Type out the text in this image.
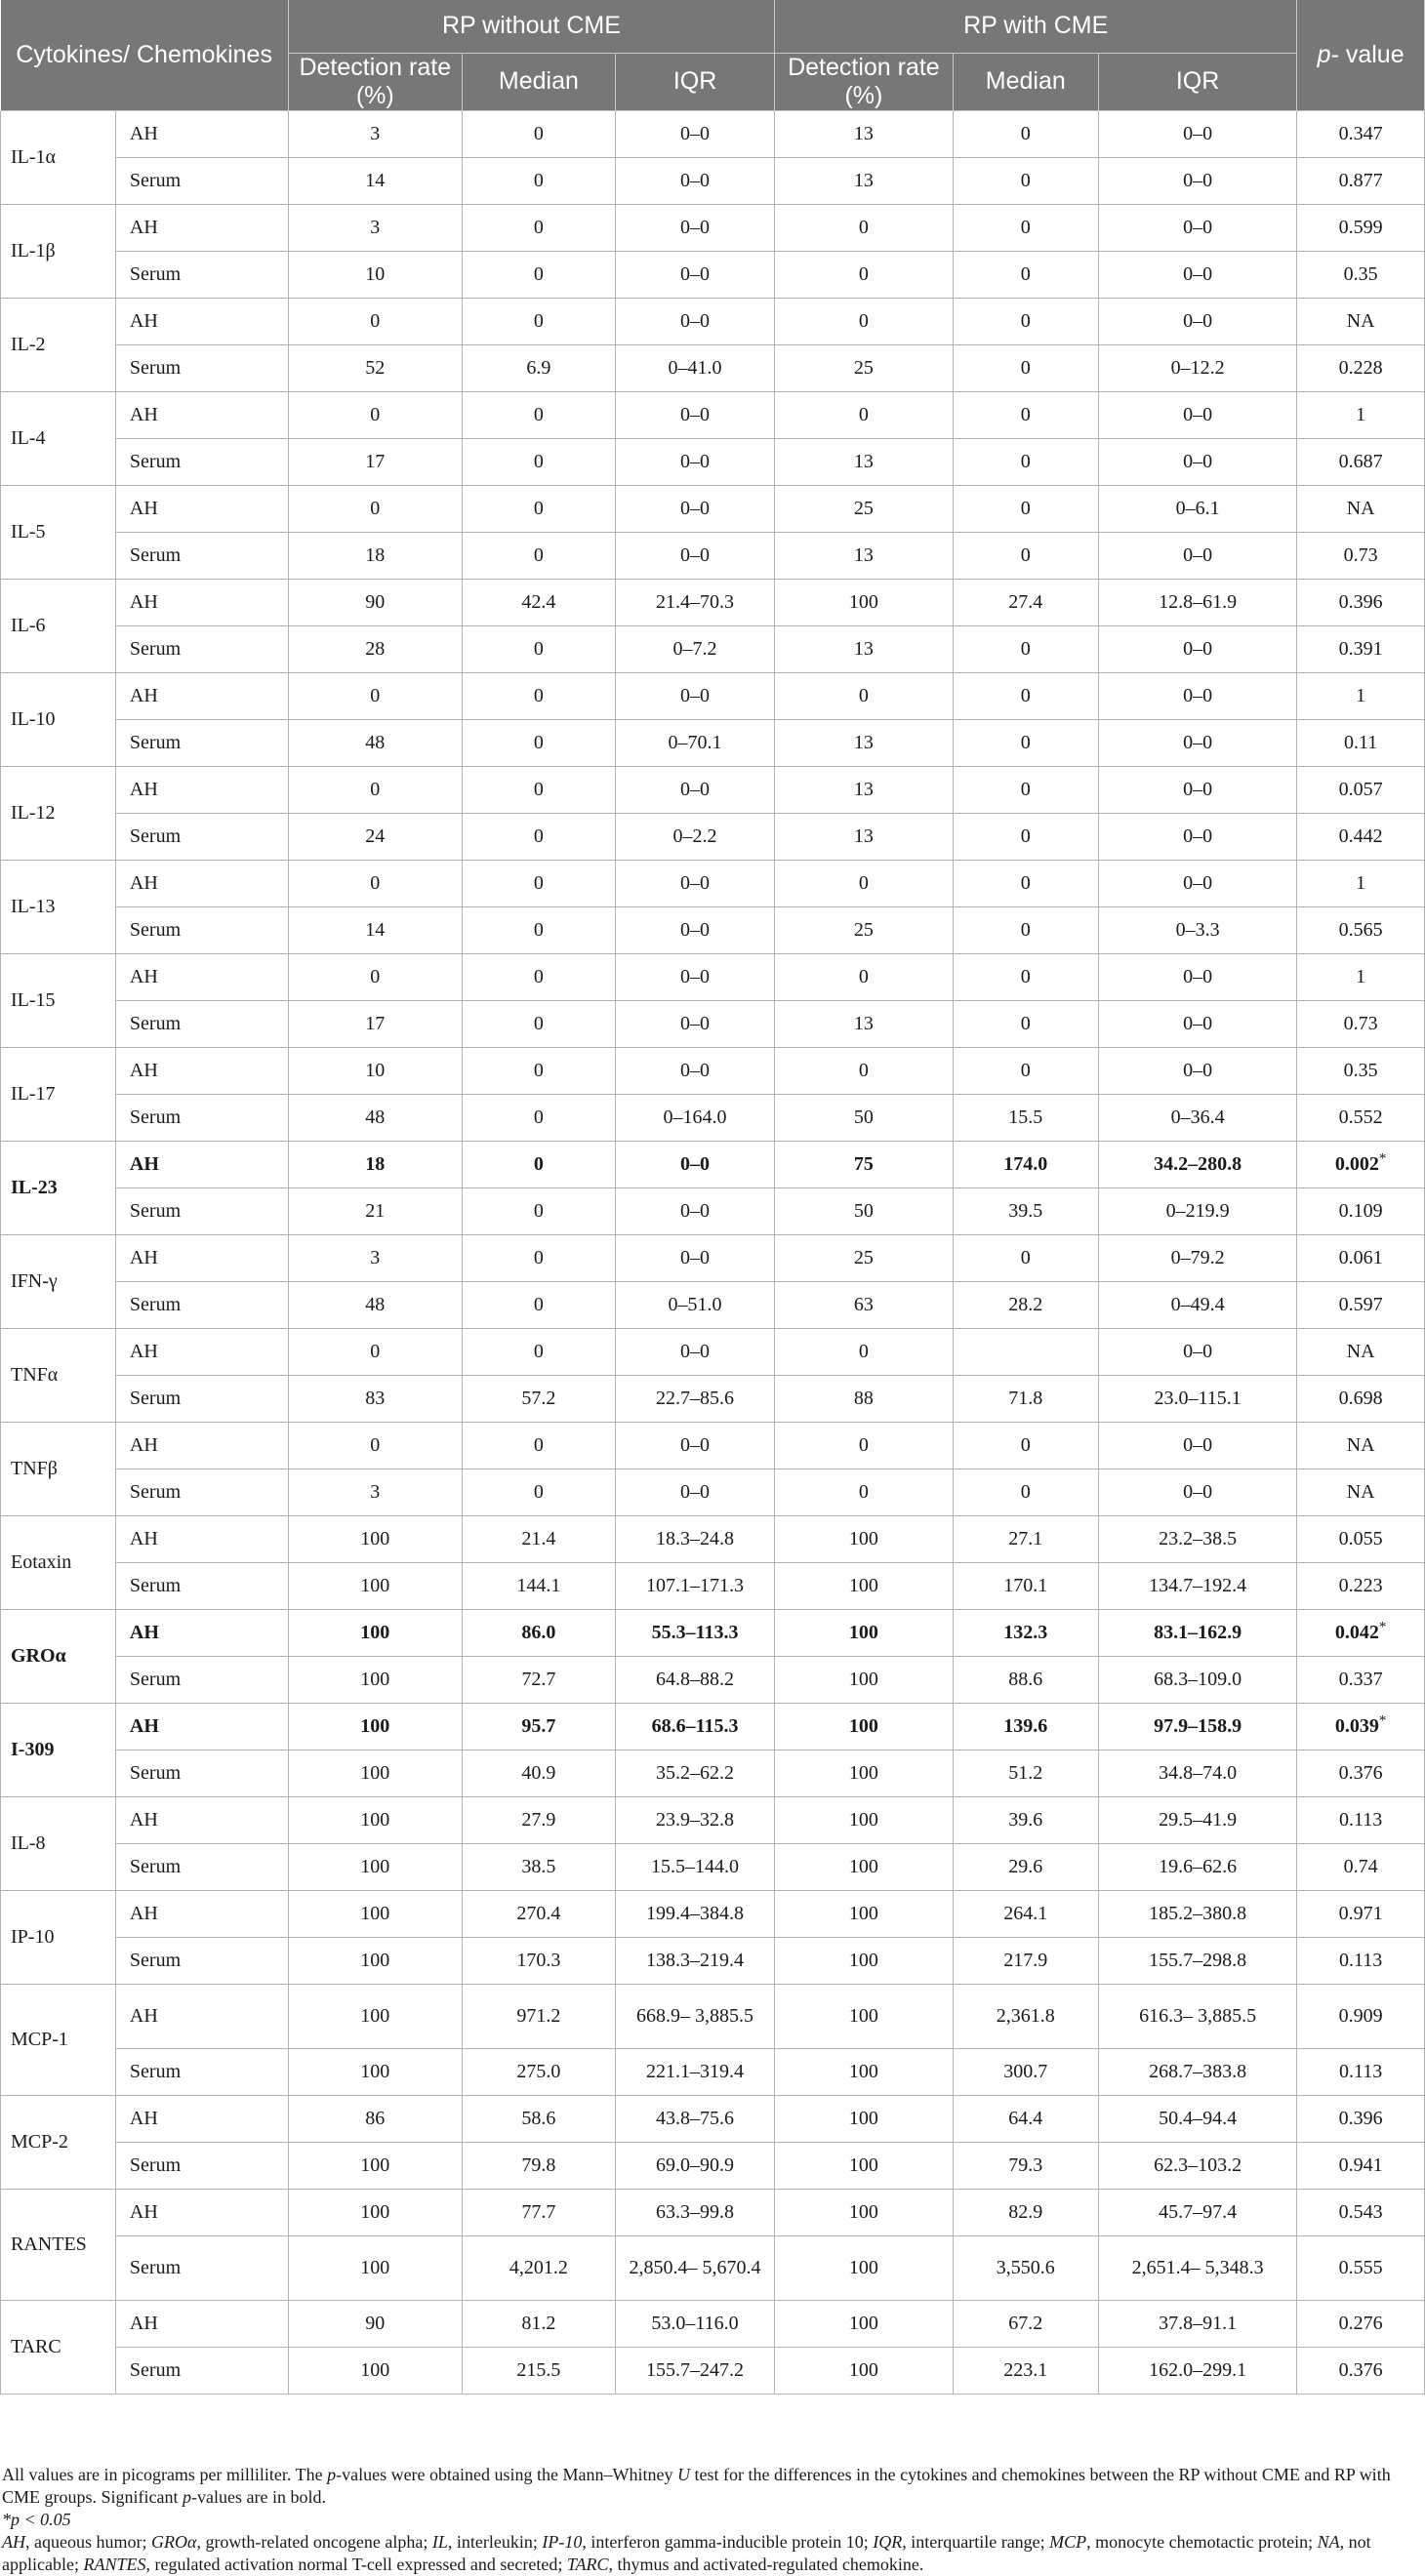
Cytokines/ Chemokines		RP without CME			RP with CME			p- value
		Detection rate (%)	Median	IQR	Detection rate (%)	Median	IQR	
IL-1α	AH	3	0	0–0	13	0	0–0	0.347
	Serum	14	0	0–0	13	0	0–0	0.877
IL-1β	AH	3	0	0–0	0	0	0–0	0.599
	Serum	10	0	0–0	0	0	0–0	0.35
IL-2	AH	0	0	0–0	0	0	0–0	NA
	Serum	52	6.9	0–41.0	25	0	0–12.2	0.228
IL-4	AH	0	0	0–0	0	0	0–0	1
	Serum	17	0	0–0	13	0	0–0	0.687
IL-5	AH	0	0	0–0	25	0	0–6.1	NA
	Serum	18	0	0–0	13	0	0–0	0.73
IL-6	AH	90	42.4	21.4–70.3	100	27.4	12.8–61.9	0.396
	Serum	28	0	0–7.2	13	0	0–0	0.391
IL-10	AH	0	0	0–0	0	0	0–0	1
	Serum	48	0	0–70.1	13	0	0–0	0.11
IL-12	AH	0	0	0–0	13	0	0–0	0.057
	Serum	24	0	0–2.2	13	0	0–0	0.442
IL-13	AH	0	0	0–0	0	0	0–0	1
	Serum	14	0	0–0	25	0	0–3.3	0.565
IL-15	AH	0	0	0–0	0	0	0–0	1
	Serum	17	0	0–0	13	0	0–0	0.73
IL-17	AH	10	0	0–0	0	0	0–0	0.35
	Serum	48	0	0–164.0	50	15.5	0–36.4	0.552
IL-23	AH	18	0	0–0	75	174.0	34.2–280.8	0.002*
	Serum	21	0	0–0	50	39.5	0–219.9	0.109
IFN-γ	AH	3	0	0–0	25	0	0–79.2	0.061
	Serum	48	0	0–51.0	63	28.2	0–49.4	0.597
TNFα	AH	0	0	0–0	0		0–0	NA
	Serum	83	57.2	22.7–85.6	88	71.8	23.0–115.1	0.698
TNFβ	AH	0	0	0–0	0	0	0–0	NA
	Serum	3	0	0–0	0	0	0–0	NA
Eotaxin	AH	100	21.4	18.3–24.8	100	27.1	23.2–38.5	0.055
	Serum	100	144.1	107.1–171.3	100	170.1	134.7–192.4	0.223
GROα	AH	100	86.0	55.3–113.3	100	132.3	83.1–162.9	0.042*
	Serum	100	72.7	64.8–88.2	100	88.6	68.3–109.0	0.337
I-309	AH	100	95.7	68.6–115.3	100	139.6	97.9–158.9	0.039*
	Serum	100	40.9	35.2–62.2	100	51.2	34.8–74.0	0.376
IL-8	AH	100	27.9	23.9–32.8	100	39.6	29.5–41.9	0.113
	Serum	100	38.5	15.5–144.0	100	29.6	19.6–62.6	0.74
IP-10	AH	100	270.4	199.4–384.8	100	264.1	185.2–380.8	0.971
	Serum	100	170.3	138.3–219.4	100	217.9	155.7–298.8	0.113
MCP-1	AH	100	971.2	668.9– 3,885.5	100	2,361.8	616.3– 3,885.5	0.909
	Serum	100	275.0	221.1–319.4	100	300.7	268.7–383.8	0.113
MCP-2	AH	86	58.6	43.8–75.6	100	64.4	50.4–94.4	0.396
	Serum	100	79.8	69.0–90.9	100	79.3	62.3–103.2	0.941
RANTES	AH	100	77.7	63.3–99.8	100	82.9	45.7–97.4	0.543
	Serum	100	4,201.2	2,850.4– 5,670.4	100	3,550.6	2,651.4– 5,348.3	0.555
TARC	AH	90	81.2	53.0–116.0	100	67.2	37.8–91.1	0.276
	Serum	100	215.5	155.7–247.2	100	223.1	162.0–299.1	0.376

All values are in picograms per milliliter. The p-values were obtained using the Mann–Whitney U test for the differences in the cytokines and chemokines between the RP without CME and RP with CME groups. Significant p-values are in bold.

*p < 0.05

AH, aqueous humor; GROα, growth-related oncogene alpha; IL, interleukin; IP-10, interferon gamma-inducible protein 10; IQR, interquartile range; MCP, monocyte chemotactic protein; NA, not applicable; RANTES, regulated activation normal T-cell expressed and secreted; TARC, thymus and activated-regulated chemokine.
